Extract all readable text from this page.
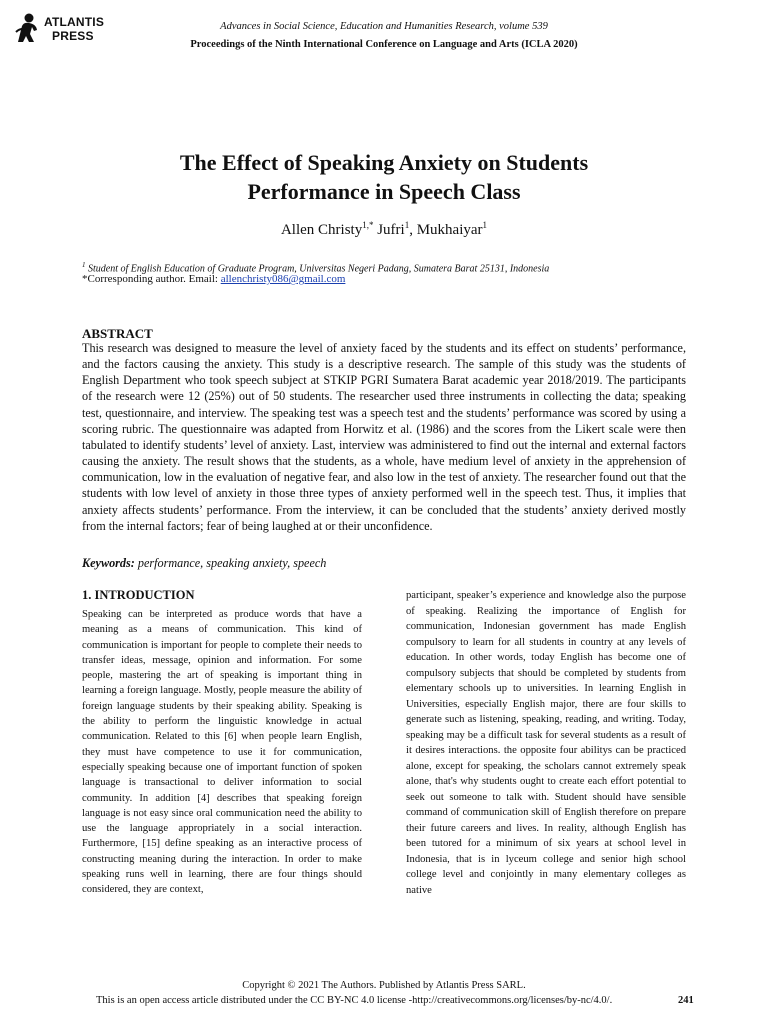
ATLANTIS
PRESS
Advances in Social Science, Education and Humanities Research, volume 539
Proceedings of the Ninth International Conference on Language and Arts (ICLA 2020)
The Effect of Speaking Anxiety on Students
Performance in Speech Class
Allen Christy$^{1,*}$ Jufri$^1$, Mukhaiyar$^1$
$^1$ Student of English Education of Graduate Program, Universitas Negeri Padang, Sumatera Barat 25131, Indonesia
*Corresponding author. Email: allenchristy086@gmail.com
ABSTRACT
This research was designed to measure the level of anxiety faced by the students and its effect on students’ performance, and the factors causing the anxiety. This study is a descriptive research. The sample of this study was the students of English Department who took speech subject at STKIP PGRI Sumatera Barat academic year 2018/2019. The participants of the research were 12 (25%) out of 50 students. The researcher used three instruments in collecting the data; speaking test, questionnaire, and interview. The speaking test was a speech test and the students’ performance was scored by using a scoring rubric. The questionnaire was adapted from Horwitz et al. (1986) and the scores from the Likert scale were then tabulated to identify students’ level of anxiety. Last, interview was administered to find out the internal and external factors causing the anxiety. The result shows that the students, as a whole, have medium level of anxiety in the apprehension of communication, low in the evaluation of negative fear, and also low in the test of anxiety. The researcher found out that the students with low level of anxiety in those three types of anxiety performed well in the speech test. Thus, it implies that anxiety affects students’ performance. From the interview, it can be concluded that the students’ anxiety derived mostly from the internal factors; fear of being laughed at or their unconfidence.
Keywords: performance, speaking anxiety, speech
1. INTRODUCTION

Speaking can be interpreted as produce words that have a meaning as a means of communication. This kind of communication is important for people to complete their needs to transfer ideas, message, opinion and information. For some people, mastering the art of speaking is important thing in learning a foreign language. Mostly, people measure the ability of foreign language students by their speaking ability. Speaking is the ability to perform the linguistic knowledge in actual communication. Related to this [6] when people learn English, they must have competence to use it for communication, especially speaking because one of important function of spoken language is transactional to deliver information to social community. In addition [4] describes that speaking foreign language is not easy since oral communication need the ability to use the language appropriately in a social interaction. Furthermore, [15] define speaking as an interactive process of constructing meaning during the interaction. In order to make speaking runs well in learning, there are four things should considered, they are context,

participant, speaker’s experience and knowledge also the purpose of speaking. Realizing the importance of English for communication, Indonesian government has made English compulsory to learn for all students in country at any levels of education. In other words, today English has become one of compulsory subjects that should be completed by students from elementary schools up to universities. In learning English in Universities, especially English major, there are four skills to generate such as listening, speaking, reading, and writing. Today, speaking may be a difficult task for several students as a result of it desires interactions. the opposite four abilitys can be practiced alone, except for speaking, the scholars cannot extremely speak alone, that's why students ought to create each effort potential to seek out someone to talk with. Student should have sensible command of communication skill of English therefore on prepare their future careers and lives. In reality, although English has been tutored for a minimum of six years at school level in Indonesia, that is in lyceum college and senior high school college level and conjointly in many elementary colleges as native

Copyright © 2021 The Authors. Published by Atlantis Press SARL.
This is an open access article distributed under the CC BY-NC 4.0 license -http://creativecommons.org/licenses/by-nc/4.0/.	241
